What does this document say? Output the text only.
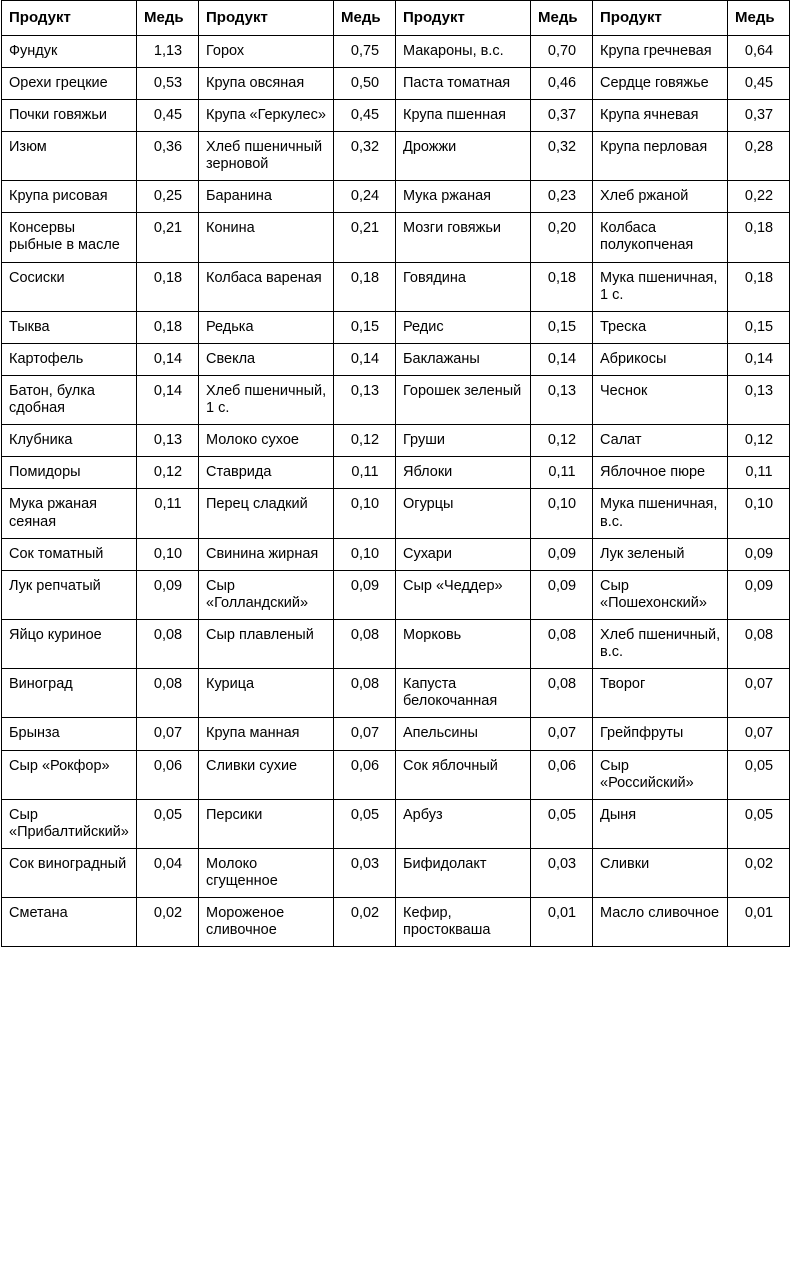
Продукт	Медь	Продукт	Медь	Продукт	Медь	Продукт	Медь
Фундук	1,13	Горох	0,75	Макароны, в.с.	0,70	Крупа гречневая	0,64
Орехи грецкие	0,53	Крупа овсяная	0,50	Паста томатная	0,46	Сердце говяжье	0,45
Почки говяжьи	0,45	Крупа «Геркулес»	0,45	Крупа пшенная	0,37	Крупа ячневая	0,37
Изюм	0,36	Хлеб пшеничный зерновой	0,32	Дрожжи	0,32	Крупа перловая	0,28
Крупа рисовая	0,25	Баранина	0,24	Мука ржаная	0,23	Хлеб ржаной	0,22
Консервы рыбные в масле	0,21	Конина	0,21	Мозги говяжьи	0,20	Колбаса полукопченая	0,18
Сосиски	0,18	Колбаса вареная	0,18	Говядина	0,18	Мука пшеничная, 1 с.	0,18
Тыква	0,18	Редька	0,15	Редис	0,15	Треска	0,15
Картофель	0,14	Свекла	0,14	Баклажаны	0,14	Абрикосы	0,14
Батон, булка сдобная	0,14	Хлеб пшеничный, 1 с.	0,13	Горошек зеленый	0,13	Чеснок	0,13
Клубника	0,13	Молоко сухое	0,12	Груши	0,12	Салат	0,12
Помидоры	0,12	Ставрида	0,11	Яблоки	0,11	Яблочное пюре	0,11
Мука ржаная сеяная	0,11	Перец сладкий	0,10	Огурцы	0,10	Мука пшеничная, в.с.	0,10
Сок томатный	0,10	Свинина жирная	0,10	Сухари	0,09	Лук зеленый	0,09
Лук репчатый	0,09	Сыр «Голландский»	0,09	Сыр «Чеддер»	0,09	Сыр «Пошехонский»	0,09
Яйцо куриное	0,08	Сыр плавленый	0,08	Морковь	0,08	Хлеб пшеничный, в.с.	0,08
Виноград	0,08	Курица	0,08	Капуста белокочанная	0,08	Творог	0,07
Брынза	0,07	Крупа манная	0,07	Апельсины	0,07	Грейпфруты	0,07
Сыр «Рокфор»	0,06	Сливки сухие	0,06	Сок яблочный	0,06	Сыр «Российский»	0,05
Сыр «Прибалтийский»	0,05	Персики	0,05	Арбуз	0,05	Дыня	0,05
Сок виноградный	0,04	Молоко сгущенное	0,03	Бифидолакт	0,03	Сливки	0,02
Сметана	0,02	Мороженое сливочное	0,02	Кефир, простокваша	0,01	Масло сливочное	0,01
